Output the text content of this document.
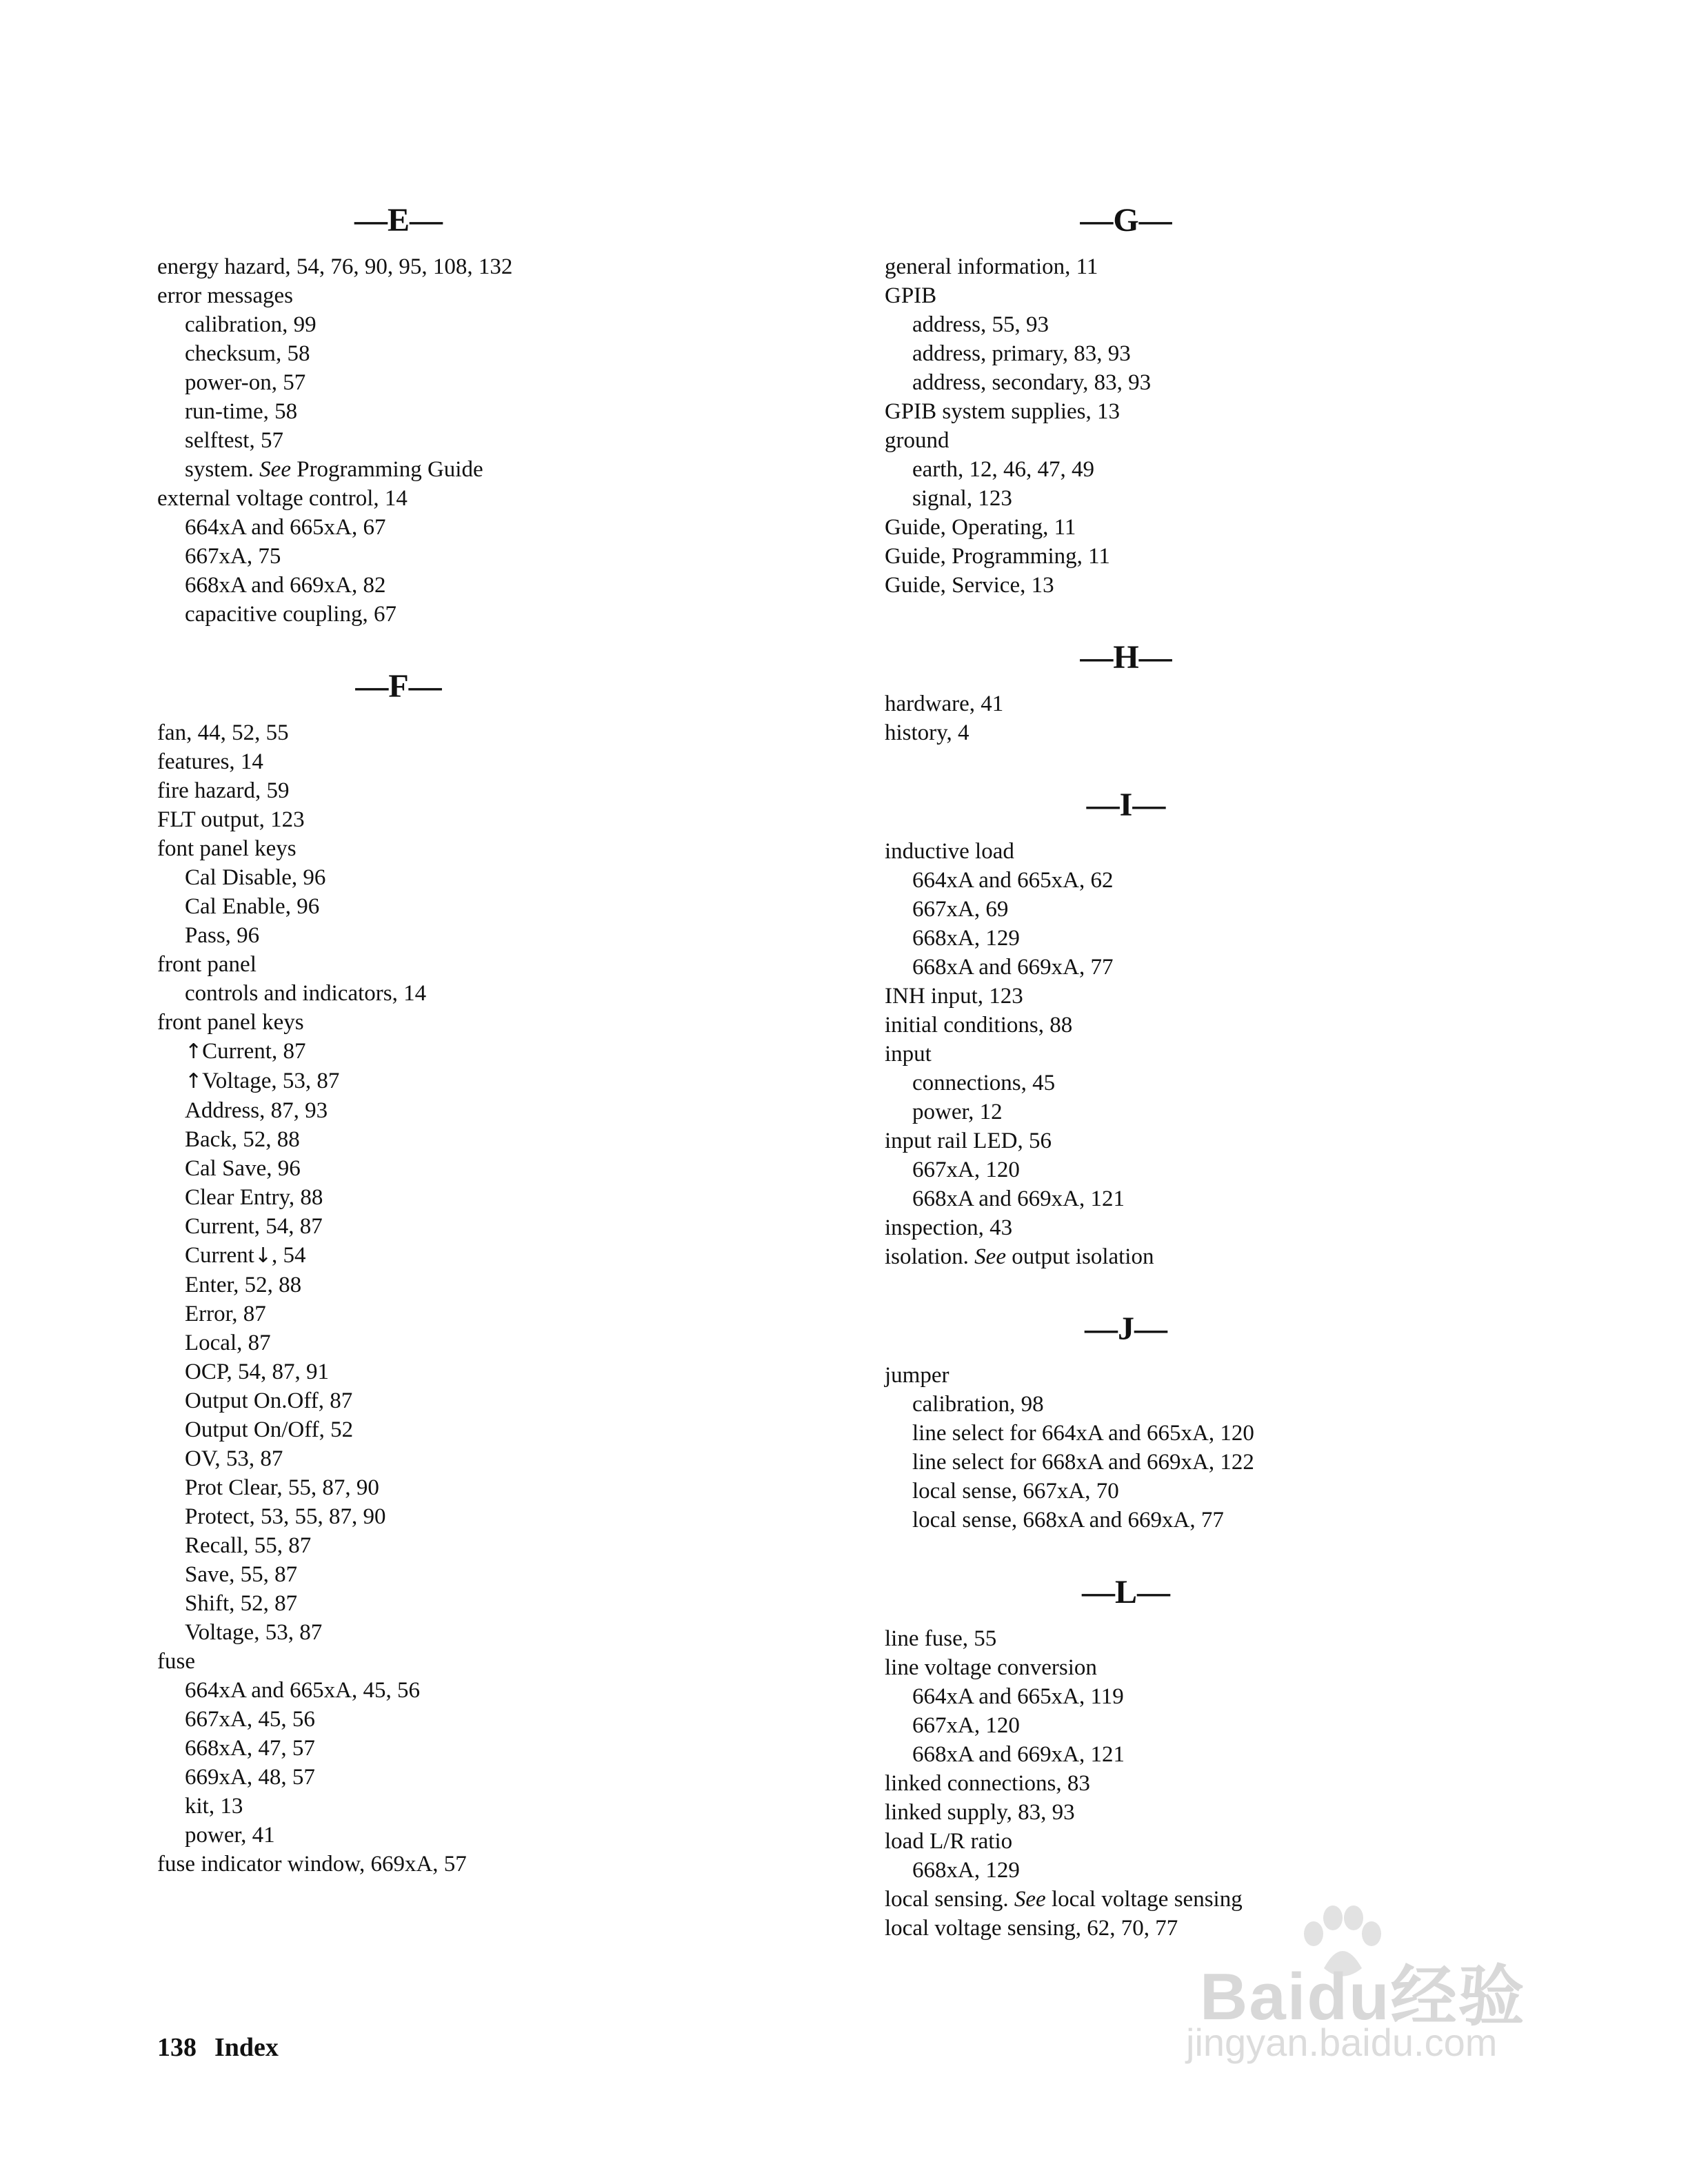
—E—
energy hazard, 54, 76, 90, 95, 108, 132
error messages
calibration, 99
checksum, 58
power-on, 57
run-time, 58
selftest, 57
system. See Programming Guide
external voltage control, 14
664xA and 665xA, 67
667xA, 75
668xA and 669xA, 82
capacitive coupling, 67
—F—
fan, 44, 52, 55
features, 14
fire hazard, 59
FLT output, 123
font panel keys
Cal Disable, 96
Cal Enable, 96
Pass, 96
front panel
controls and indicators, 14
front panel keys
↑Current, 87
↑Voltage, 53, 87
Address, 87, 93
Back, 52, 88
Cal Save, 96
Clear Entry, 88
Current, 54, 87
Current↓, 54
Enter, 52, 88
Error, 87
Local, 87
OCP, 54, 87, 91
Output On.Off, 87
Output On/Off, 52
OV, 53, 87
Prot Clear, 55, 87, 90
Protect, 53, 55, 87, 90
Recall, 55, 87
Save, 55, 87
Shift, 52, 87
Voltage, 53, 87
fuse
664xA and 665xA, 45, 56
667xA, 45, 56
668xA, 47, 57
669xA, 48, 57
kit, 13
power, 41
fuse indicator window, 669xA, 57
—G—
general information, 11
GPIB
address, 55, 93
address, primary, 83, 93
address, secondary, 83, 93
GPIB system supplies, 13
ground
earth, 12, 46, 47, 49
signal, 123
Guide, Operating, 11
Guide, Programming, 11
Guide, Service, 13
—H—
hardware, 41
history, 4
—I—
inductive load
664xA and 665xA, 62
667xA, 69
668xA, 129
668xA and 669xA, 77
INH input, 123
initial conditions, 88
input
connections, 45
power, 12
input rail LED, 56
667xA, 120
668xA and 669xA, 121
inspection, 43
isolation. See output isolation
—J—
jumper
calibration, 98
line select for 664xA and 665xA, 120
line select for 668xA and 669xA, 122
local sense, 667xA, 70
local sense, 668xA and 669xA, 77
—L—
line fuse, 55
line voltage conversion
664xA and 665xA, 119
667xA, 120
668xA and 669xA, 121
linked connections, 83
linked supply, 83, 93
load L/R ratio
668xA, 129
local sensing. See local voltage sensing
local voltage sensing, 62, 70, 77
138 Index
Baidu经验
jingyan.baidu.com
